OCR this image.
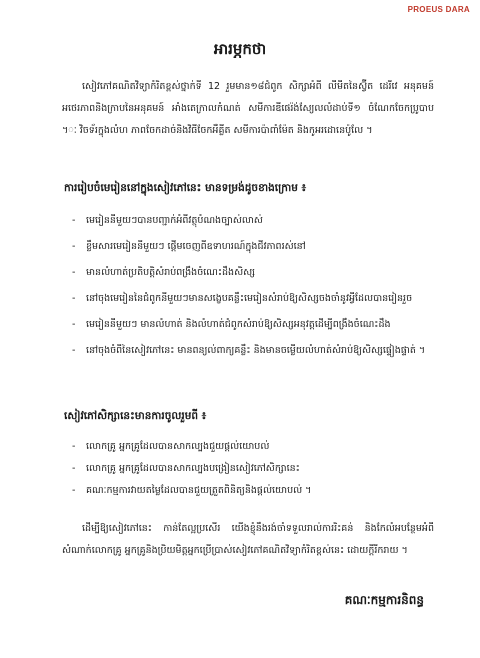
PROEUS DARA
អារម្ភកថា
សៀវភៅគណិតវិទ្យាកំរិតខ្ពស់ថ្នាក់ទី 12 រួមមាន១៨ជំពូក សិក្សាអំពី លីមីតនៃស្វ៊ីត ដេរីវេ អនុគមន៍ អថេរភាពនិងក្រាបនៃអនុគមន៍ អាំងតេក្រាលកំណត់ សមីការឌីផេរ៉ង់ស្យែលលំដាប់ទី១ ចំណែកចែកប្រូបាប ។ៈ វិចទ័រក្នុងលំហ ភាពចែកដាច់និងវិធីចែកអឺគ្លីត សមីការប៉ាពាំម៉ែត និងកូអរដោនេប៉ូលែ ។
ការរៀបចំមេរៀននៅក្នុងសៀវភៅនេះ មានទម្រង់ដូចខាងក្រោម ៖
- មេរៀននីមួយៗបានបញ្ជាក់អំពីវត្ថុបំណងច្បាស់លាស់
- ខ្លឹមសារមេរៀននីមួយៗ ផ្ដើមចេញពីឧទាហរណ៍ក្នុងជីវភាពរស់នៅ
- មានលំហាត់ប្រតិបត្តិសំរាប់ពង្រឹងចំណេះដឹងសិស្ស
- នៅចុងមេរៀននៃជំពូកនីមួយៗមានសង្ខេបគន្លឹះមេរៀនសំរាប់ឱ្យសិស្សចងចាំនូវអ្វីដែលបានរៀនរួច
- មេរៀននីមួយៗ មានលំហាត់ និងលំហាត់ជំពូកសំរាប់ឱ្យសិស្សអនុវត្តដើម្បីពង្រឹងចំណេះដឹង
- នៅចុងចំពីនៃសៀវភៅនេះ មានពន្យល់ពាក្យគន្លឹះ និងមានចម្លើយលំហាត់សំរាប់ឱ្យសិស្សផ្ទៀងផ្ទាត់ ។
សៀវភៅសិក្សានេះមានការចូលរួមពី ៖
- លោកគ្រូ អ្នកគ្រូដែលបានសាកល្បងជួយផ្ដល់យោបល់
- លោកគ្រូ អ្នកគ្រូដែលបានសាកល្បងបង្រៀនសៀវភៅសិក្សានេះ
- គណៈកម្មការវាយតម្លៃដែលបានជួយត្រួតពិនិត្យនិងផ្ដល់យោបល់ ។
ដើម្បីឱ្យសៀវភៅនេះ កាន់តែល្អប្រសើរ យើងខ្ញុំនឹងរង់ចាំទទួលរាល់ការរិះគន់ និងកែលំអបន្ថែមអំពីសំណាក់លោកគ្រូ អ្នកគ្រូនិងប្រិយមិត្តអ្នកប្រើប្រាស់សៀវភៅគណិតវិទ្យាកំរិតខ្ពស់នេះ ដោយក្ដីរីករាយ ។
គណៈកម្មការនិពន្ធ
